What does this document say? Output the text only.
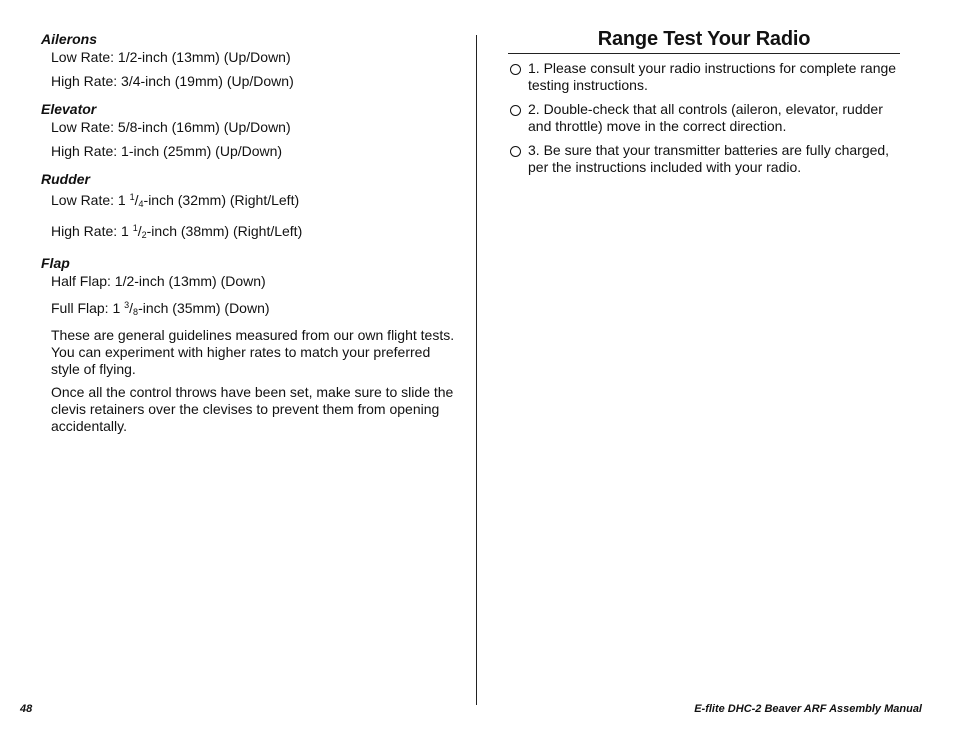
Ailerons

Low Rate: 1/2-inch (13mm) (Up/Down)
High Rate: 3/4-inch (19mm) (Up/Down)

Elevator

Low Rate: 5/8-inch (16mm) (Up/Down)
High Rate: 1-inch (25mm) (Up/Down)

Rudder

Low Rate: 1 $^1/_4$-inch (32mm) (Right/Left)
High Rate: 1 $^1/_2$-inch (38mm) (Right/Left)

Flap

Half Flap: 1/2-inch (13mm) (Down)
Full Flap: 1 $^3/_8$-inch (35mm) (Down)
These are general guidelines measured from our own flight tests. You can experiment with higher rates to match your preferred style of flying.
Once all the control throws have been set, make sure to slide the clevis retainers over the clevises to prevent them from opening accidentally.
Range Test Your Radio
1. Please consult your radio instructions for complete range testing instructions.
2. Double-check that all controls (aileron, elevator, rudder and throttle) move in the correct direction.
3. Be sure that your transmitter batteries are fully charged, per the instructions included with your radio.
48	E-flite DHC-2 Beaver ARF Assembly Manual
